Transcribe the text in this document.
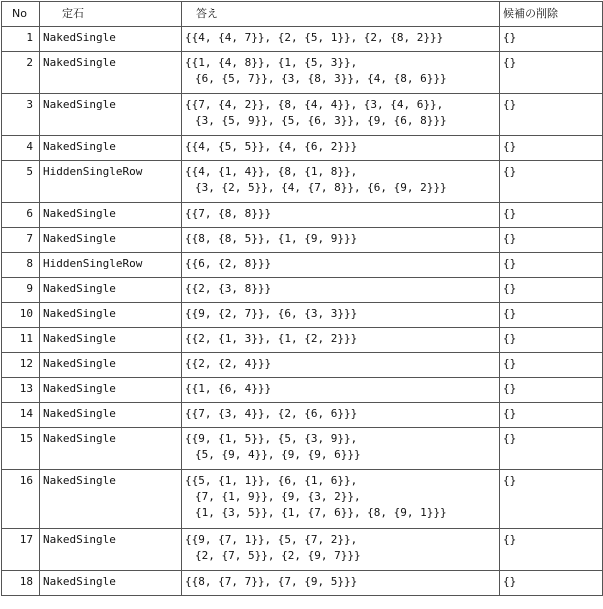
No	定石	答え	候補の削除
1	NakedSingle	{{4, {4, 7}}, {2, {5, 1}}, {2, {8, 2}}}	{}
2	NakedSingle	{{1, {4, 8}}, {1, {5, 3}},
{6, {5, 7}}, {3, {8, 3}}, {4, {8, 6}}}	{}
3	NakedSingle	{{7, {4, 2}}, {8, {4, 4}}, {3, {4, 6}},
{3, {5, 9}}, {5, {6, 3}}, {9, {6, 8}}}	{}
4	NakedSingle	{{4, {5, 5}}, {4, {6, 2}}}	{}
5	HiddenSingleRow	{{4, {1, 4}}, {8, {1, 8}},
{3, {2, 5}}, {4, {7, 8}}, {6, {9, 2}}}	{}
6	NakedSingle	{{7, {8, 8}}}	{}
7	NakedSingle	{{8, {8, 5}}, {1, {9, 9}}}	{}
8	HiddenSingleRow	{{6, {2, 8}}}	{}
9	NakedSingle	{{2, {3, 8}}}	{}
10	NakedSingle	{{9, {2, 7}}, {6, {3, 3}}}	{}
11	NakedSingle	{{2, {1, 3}}, {1, {2, 2}}}	{}
12	NakedSingle	{{2, {2, 4}}}	{}
13	NakedSingle	{{1, {6, 4}}}	{}
14	NakedSingle	{{7, {3, 4}}, {2, {6, 6}}}	{}
15	NakedSingle	{{9, {1, 5}}, {5, {3, 9}},
{5, {9, 4}}, {9, {9, 6}}}	{}
16	NakedSingle	{{5, {1, 1}}, {6, {1, 6}},
{7, {1, 9}}, {9, {3, 2}},
{1, {3, 5}}, {1, {7, 6}}, {8, {9, 1}}}	{}
17	NakedSingle	{{9, {7, 1}}, {5, {7, 2}},
{2, {7, 5}}, {2, {9, 7}}}	{}
18	NakedSingle	{{8, {7, 7}}, {7, {9, 5}}}	{}
